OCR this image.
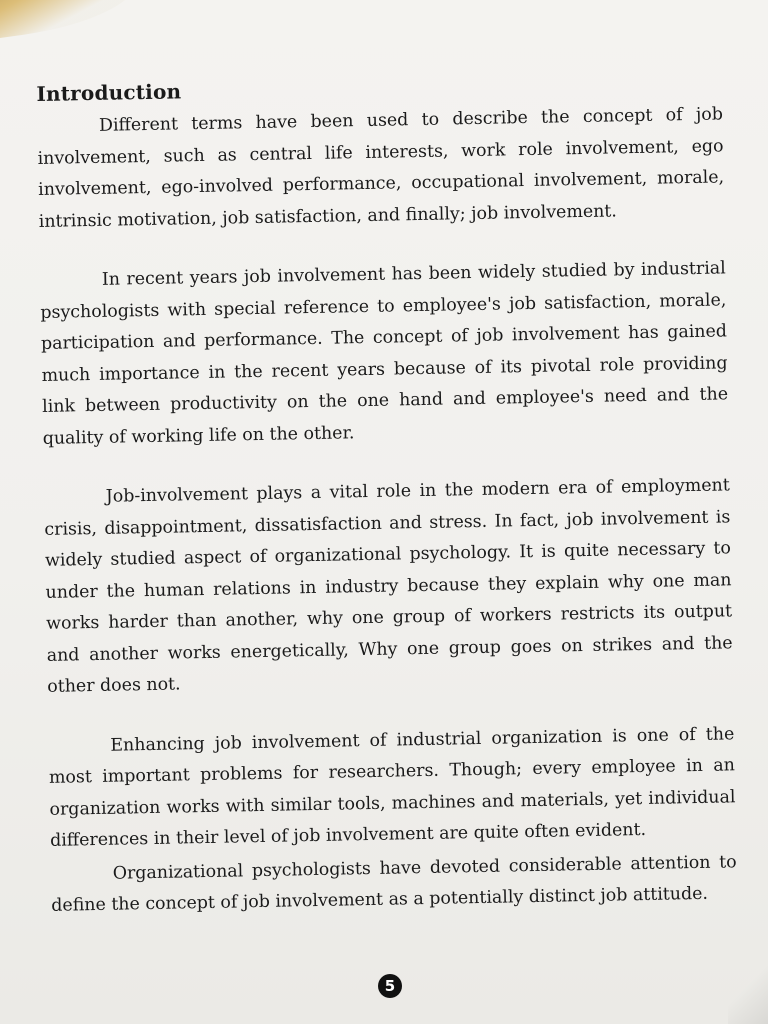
Introduction

Different terms have been used to describe the concept of job involvement, such as central life interests, work role involvement, ego involvement, ego-involved performance, occupational involvement, morale, intrinsic motivation, job satisfaction, and finally; job involvement.

In recent years job involvement has been widely studied by industrial psychologists with special reference to employee's job satisfaction, morale, participation and performance. The concept of job involvement has gained much importance in the recent years because of its pivotal role providing link between productivity on the one hand and employee's need and the quality of working life on the other.

Job-involvement plays a vital role in the modern era of employment crisis, disappointment, dissatisfaction and stress. In fact, job involvement is widely studied aspect of organizational psychology. It is quite necessary to under the human relations in industry because they explain why one man works harder than another, why one group of workers restricts its output and another works energetically, Why one group goes on strikes and the other does not.

Enhancing job involvement of industrial organization is one of the most important problems for researchers. Though; every employee in an organization works with similar tools, machines and materials, yet individual differences in their level of job involvement are quite often evident.

Organizational psychologists have devoted considerable attention to define the concept of job involvement as a potentially distinct job attitude.

5
